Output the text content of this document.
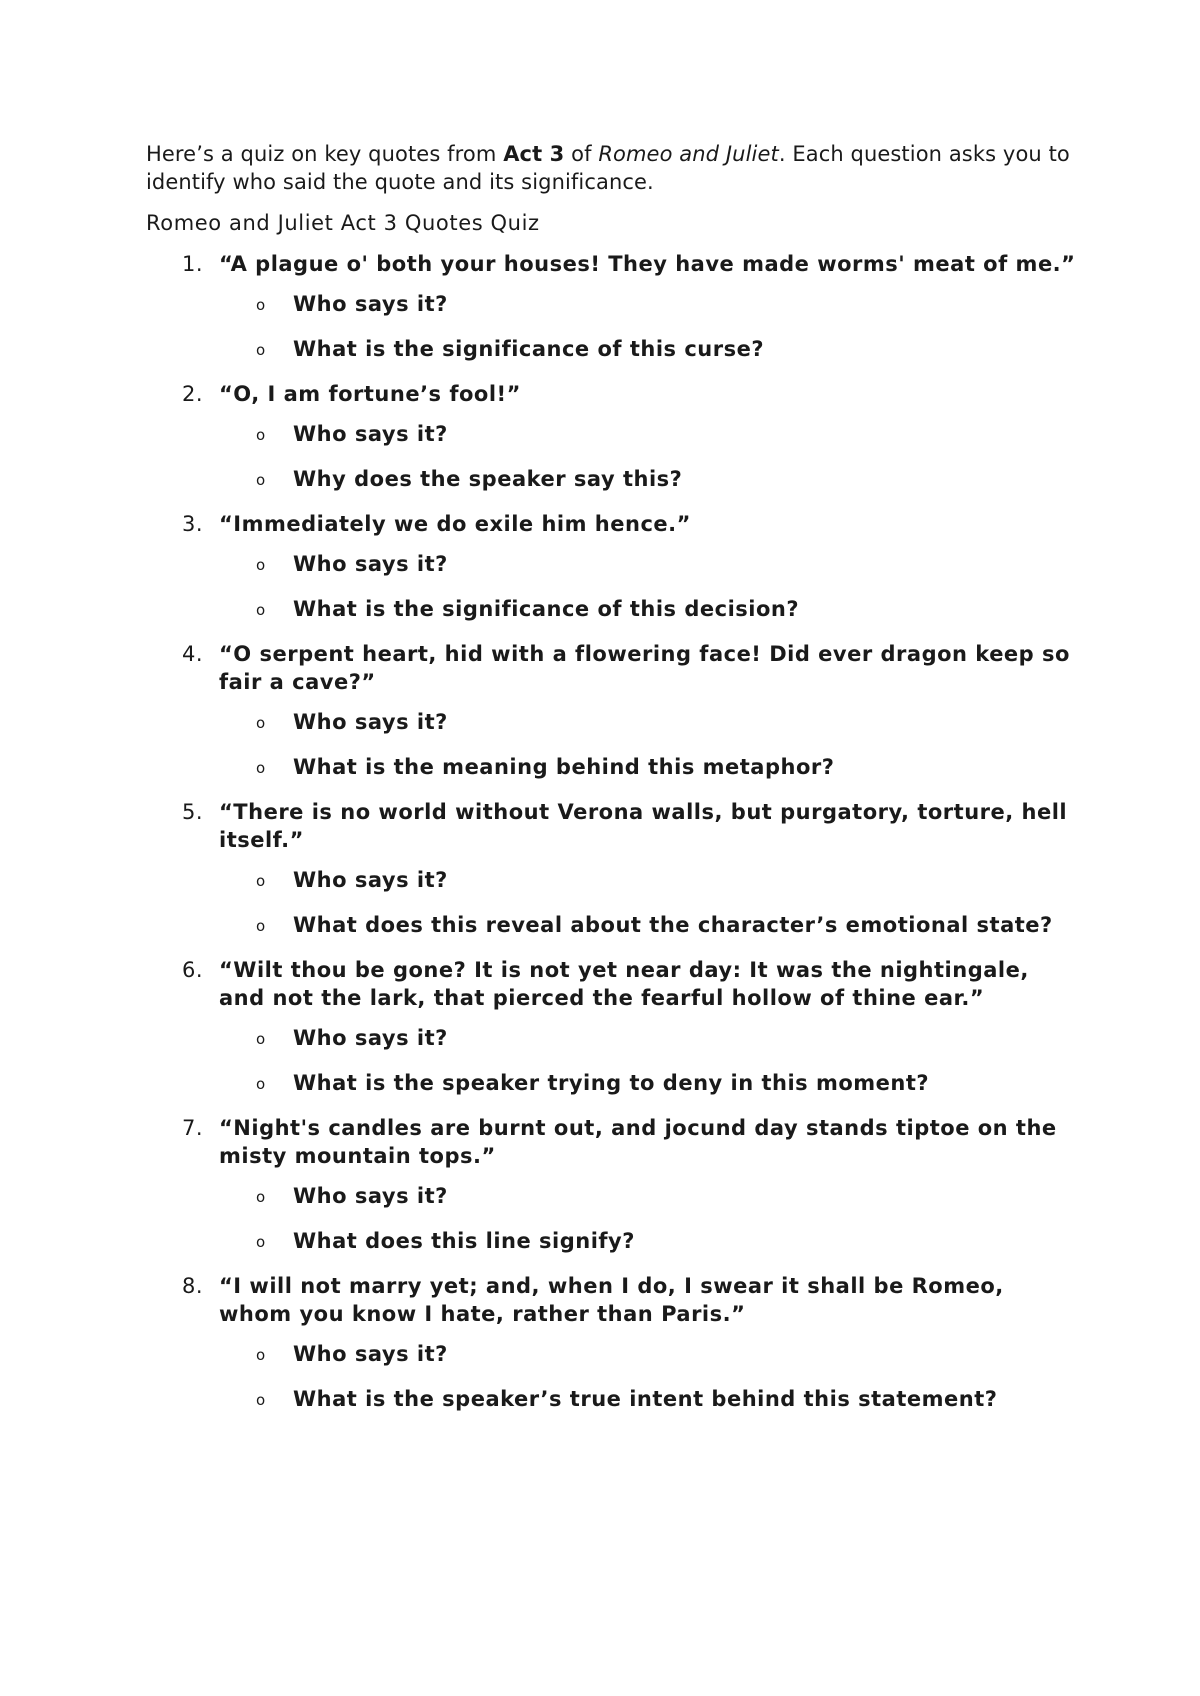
Here’s a quiz on key quotes from Act 3 of Romeo and Juliet. Each question asks you to identify who said the quote and its significance.

Romeo and Juliet Act 3 Quotes Quiz

1. “A plague o' both your houses! They have made worms' meat of me.”
o Who says it?
o What is the significance of this curse?
2. “O, I am fortune’s fool!”
o Who says it?
o Why does the speaker say this?
3. “Immediately we do exile him hence.”
o Who says it?
o What is the significance of this decision?
4. “O serpent heart, hid with a flowering face! Did ever dragon keep so fair a cave?”
o Who says it?
o What is the meaning behind this metaphor?
5. “There is no world without Verona walls, but purgatory, torture, hell itself.”
o Who says it?
o What does this reveal about the character’s emotional state?
6. “Wilt thou be gone? It is not yet near day: It was the nightingale, and not the lark, that pierced the fearful hollow of thine ear.”
o Who says it?
o What is the speaker trying to deny in this moment?
7. “Night's candles are burnt out, and jocund day stands tiptoe on the misty mountain tops.”
o Who says it?
o What does this line signify?
8. “I will not marry yet; and, when I do, I swear it shall be Romeo, whom you know I hate, rather than Paris.”
o Who says it?
o What is the speaker’s true intent behind this statement?
